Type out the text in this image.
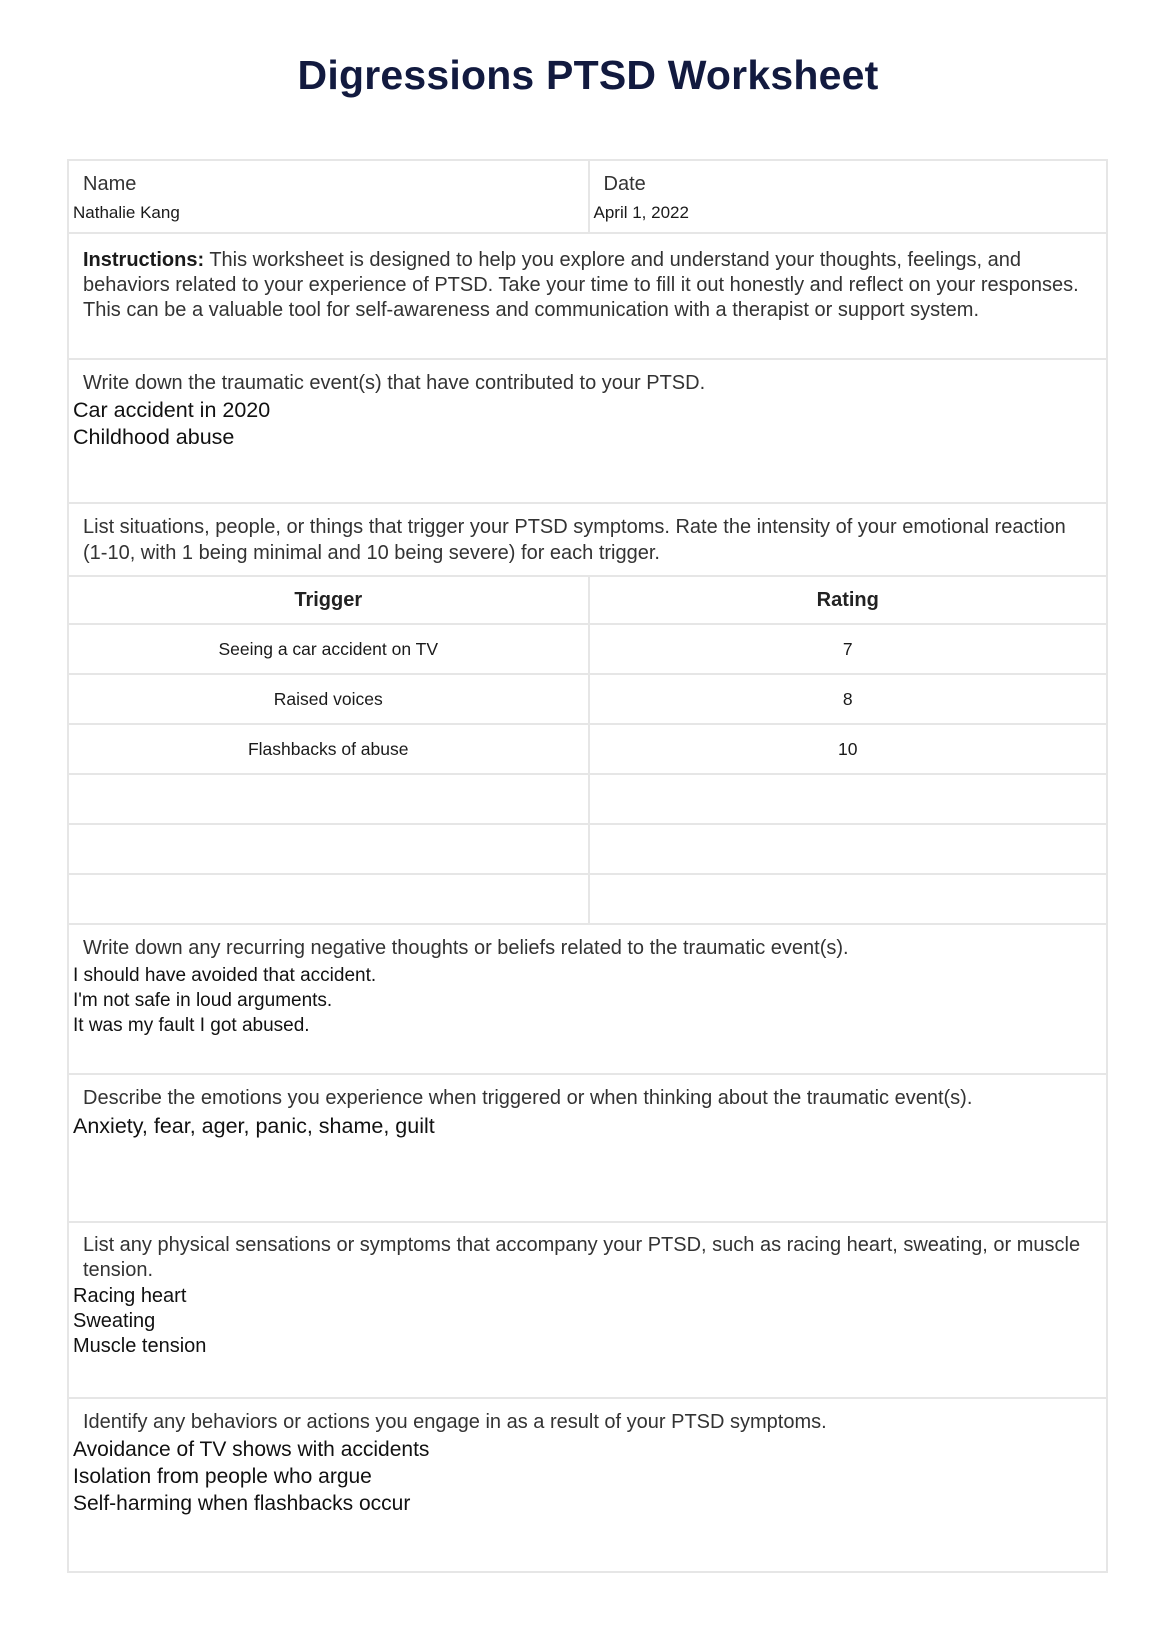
Digressions PTSD Worksheet
Name
Nathalie Kang
Date
April 1, 2022
Instructions: This worksheet is designed to help you explore and understand your thoughts, feelings, and behaviors related to your experience of PTSD. Take your time to fill it out honestly and reflect on your responses. This can be a valuable tool for self-awareness and communication with a therapist or support system.
Write down the traumatic event(s) that have contributed to your PTSD.
Car accident in 2020
Childhood abuse
List situations, people, or things that trigger your PTSD symptoms. Rate the intensity of your emotional reaction (1-10, with 1 being minimal and 10 being severe) for each trigger.
Trigger	Rating
Seeing a car accident on TV	7
Raised voices	8
Flashbacks of abuse	10
Write down any recurring negative thoughts or beliefs related to the traumatic event(s).
I should have avoided that accident.
I'm not safe in loud arguments.
It was my fault I got abused.
Describe the emotions you experience when triggered or when thinking about the traumatic event(s).
Anxiety, fear, ager, panic, shame, guilt
List any physical sensations or symptoms that accompany your PTSD, such as racing heart, sweating, or muscle tension.
Racing heart
Sweating
Muscle tension
Identify any behaviors or actions you engage in as a result of your PTSD symptoms.
Avoidance of TV shows with accidents
Isolation from people who argue
Self-harming when flashbacks occur
